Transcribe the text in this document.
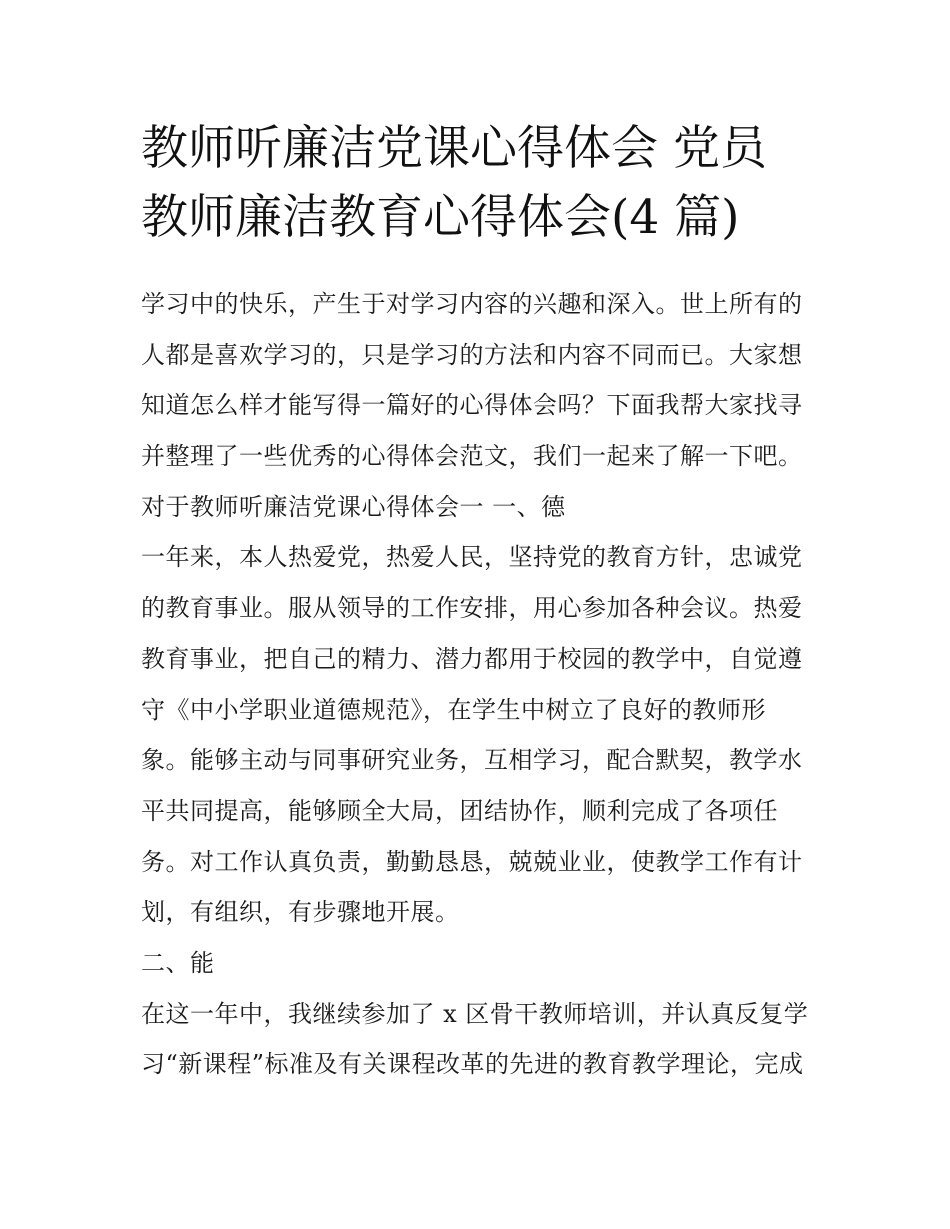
教师听廉洁党课心得体会 党员
教师廉洁教育心得体会(4 篇)
学习中的快乐，产生于对学习内容的兴趣和深入。世上所有的
人都是喜欢学习的，只是学习的方法和内容不同而已。大家想
知道怎么样才能写得一篇好的心得体会吗？下面我帮大家找寻
并整理了一些优秀的心得体会范文，我们一起来了解一下吧。
对于教师听廉洁党课心得体会一 一、德
一年来，本人热爱党，热爱人民，坚持党的教育方针，忠诚党
的教育事业。服从领导的工作安排，用心参加各种会议。热爱
教育事业，把自己的精力、潜力都用于校园的教学中，自觉遵
守《中小学职业道德规范》，在学生中树立了良好的教师形
象。能够主动与同事研究业务，互相学习，配合默契，教学水
平共同提高，能够顾全大局，团结协作，顺利完成了各项任
务。对工作认真负责，勤勤恳恳，兢兢业业，使教学工作有计
划，有组织，有步骤地开展。
二、能
在这一年中，我继续参加了 x 区骨干教师培训，并认真反复学
习“新课程”标准及有关课程改革的先进的教育教学理论，完成
